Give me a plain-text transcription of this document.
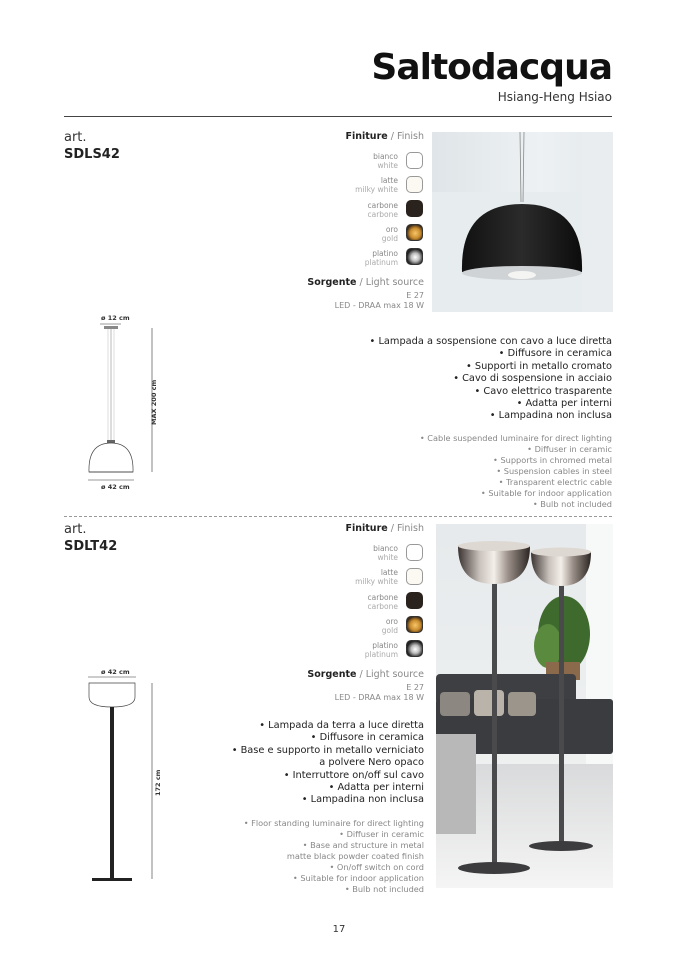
Saltodacqua
Hsiang-Heng Hsiao
art.
SDLS42
Finiture / Finish
bianco
white
latte
milky white
carbone
carbone
oro
gold
platino
platinum
Sorgente / Light source
E 27
LED - DRAA max 18 W
ø 12 cm
ø 42 cm
MAX 200 cm
• Lampada a sospensione con cavo a luce diretta
• Diffusore in ceramica
• Supporti in metallo cromato
• Cavo di sospensione in acciaio
• Cavo elettrico trasparente
• Adatta per interni
• Lampadina non inclusa
• Cable suspended luminaire for direct lighting
• Diffuser in ceramic
• Supports in chromed metal
• Suspension cables in steel
• Transparent electric cable
• Suitable for indoor application
• Bulb not included
art.
SDLT42
Finiture / Finish
bianco
white
latte
milky white
carbone
carbone
oro
gold
platino
platinum
Sorgente / Light source
E 27
LED - DRAA max 18 W
ø 42 cm
172 cm
• Lampada da terra a luce diretta
• Diffusore in ceramica
• Base e supporto in metallo verniciato
a polvere Nero opaco
• Interruttore on/off sul cavo
• Adatta per interni
• Lampadina non inclusa
• Floor standing luminaire for direct lighting
• Diffuser in ceramic
• Base and structure in metal
matte black powder coated finish
• On/off switch on cord
• Suitable for indoor application
• Bulb not included
17
